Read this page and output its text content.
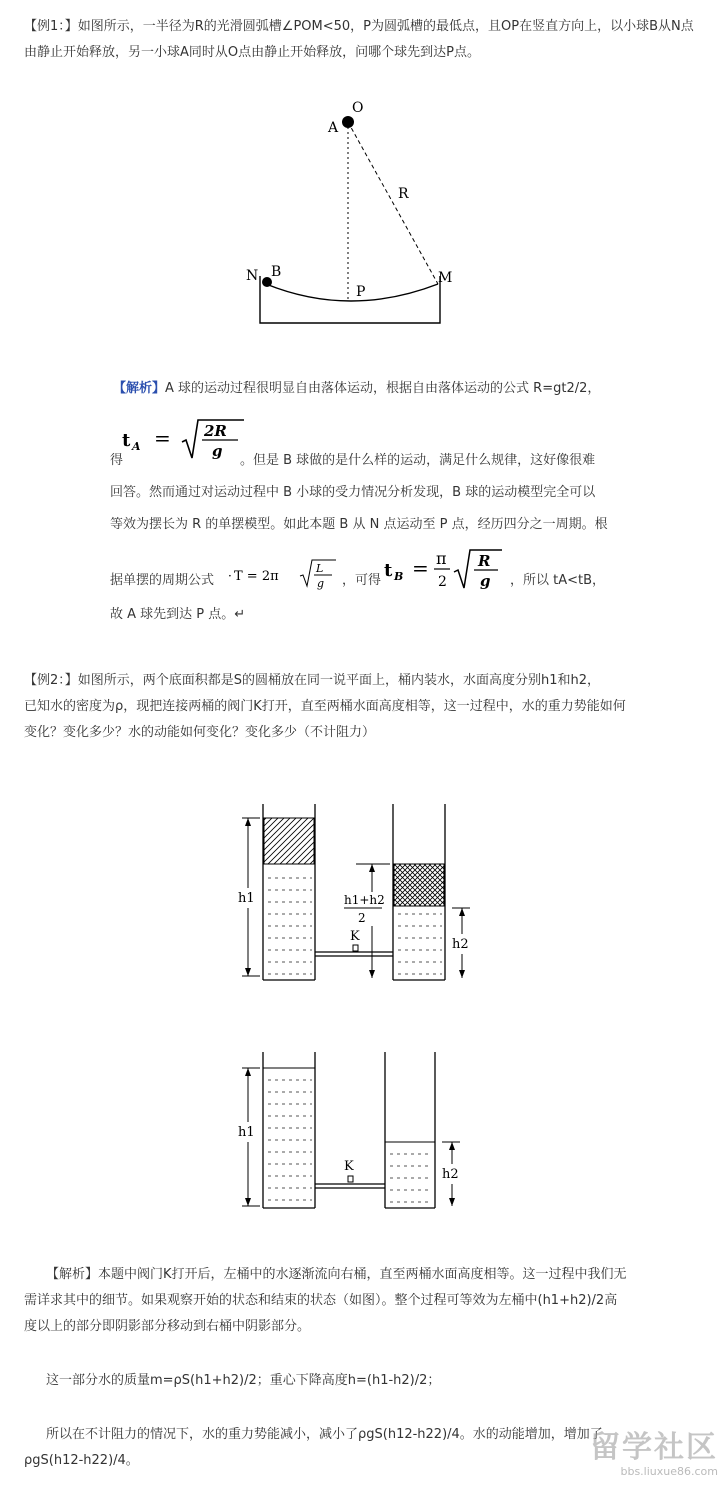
【例1：】如图所示，一半径为R的光滑圆弧槽∠POM<50，P为圆弧槽的最低点，且OP在竖直方向上，以小球B从N点由静止开始释放，另一小球A同时从O点由静止开始释放，问哪个球先到达P点。

O
A
R
N B	M
P

【解析】A 球的运动过程很明显自由落体运动，根据自由落体运动的公式 R=gt2/2，

得
t A = 2R
g
。但是 B 球做的是什么样的运动，满足什么规律，这好像很难

回答。然而通过对运动过程中 B 小球的受力情况分析发现，B 球的运动模型完全可以

等效为摆长为 R 的单摆模型。如此本题 B 从 N 点运动至 P 点，经历四分之一周期。根

据单摆的周期公式 · T = 2π
L
g ，可得 t B = π
2
R
g ，所以 tA<tB，

故 A 球先到达 P 点。↵

【例2：】如图所示，两个底面积都是S的圆桶放在同一说平面上，桶内装水，水面高度分别h1和h2，

已知水的密度为ρ，现把连接两桶的阀门K打开，直至两桶水面高度相等，这一过程中，水的重力势能如何

变化？变化多少？水的动能如何变化？变化多少（不计阻力）

K
h1	h1+h2
2
h2
K
h1
h2

【解析】本题中阀门K打开后，左桶中的水逐渐流向右桶，直至两桶水面高度相等。这一过程中我们无

需详求其中的细节。如果观察开始的状态和结束的状态（如图）。整个过程可等效为左桶中(h1+h2)/2高

度以上的部分即阴影部分移动到右桶中阴影部分。

这一部分水的质量m=ρS(h1+h2)/2；重心下降高度h=(h1-h2)/2；

所以在不计阻力的情况下，水的重力势能减小，减小了ρgS(h12-h22)/4。水的动能增加，增加了

ρgS(h12-h22)/4。	留学社区
bbs.liuxue86.com
